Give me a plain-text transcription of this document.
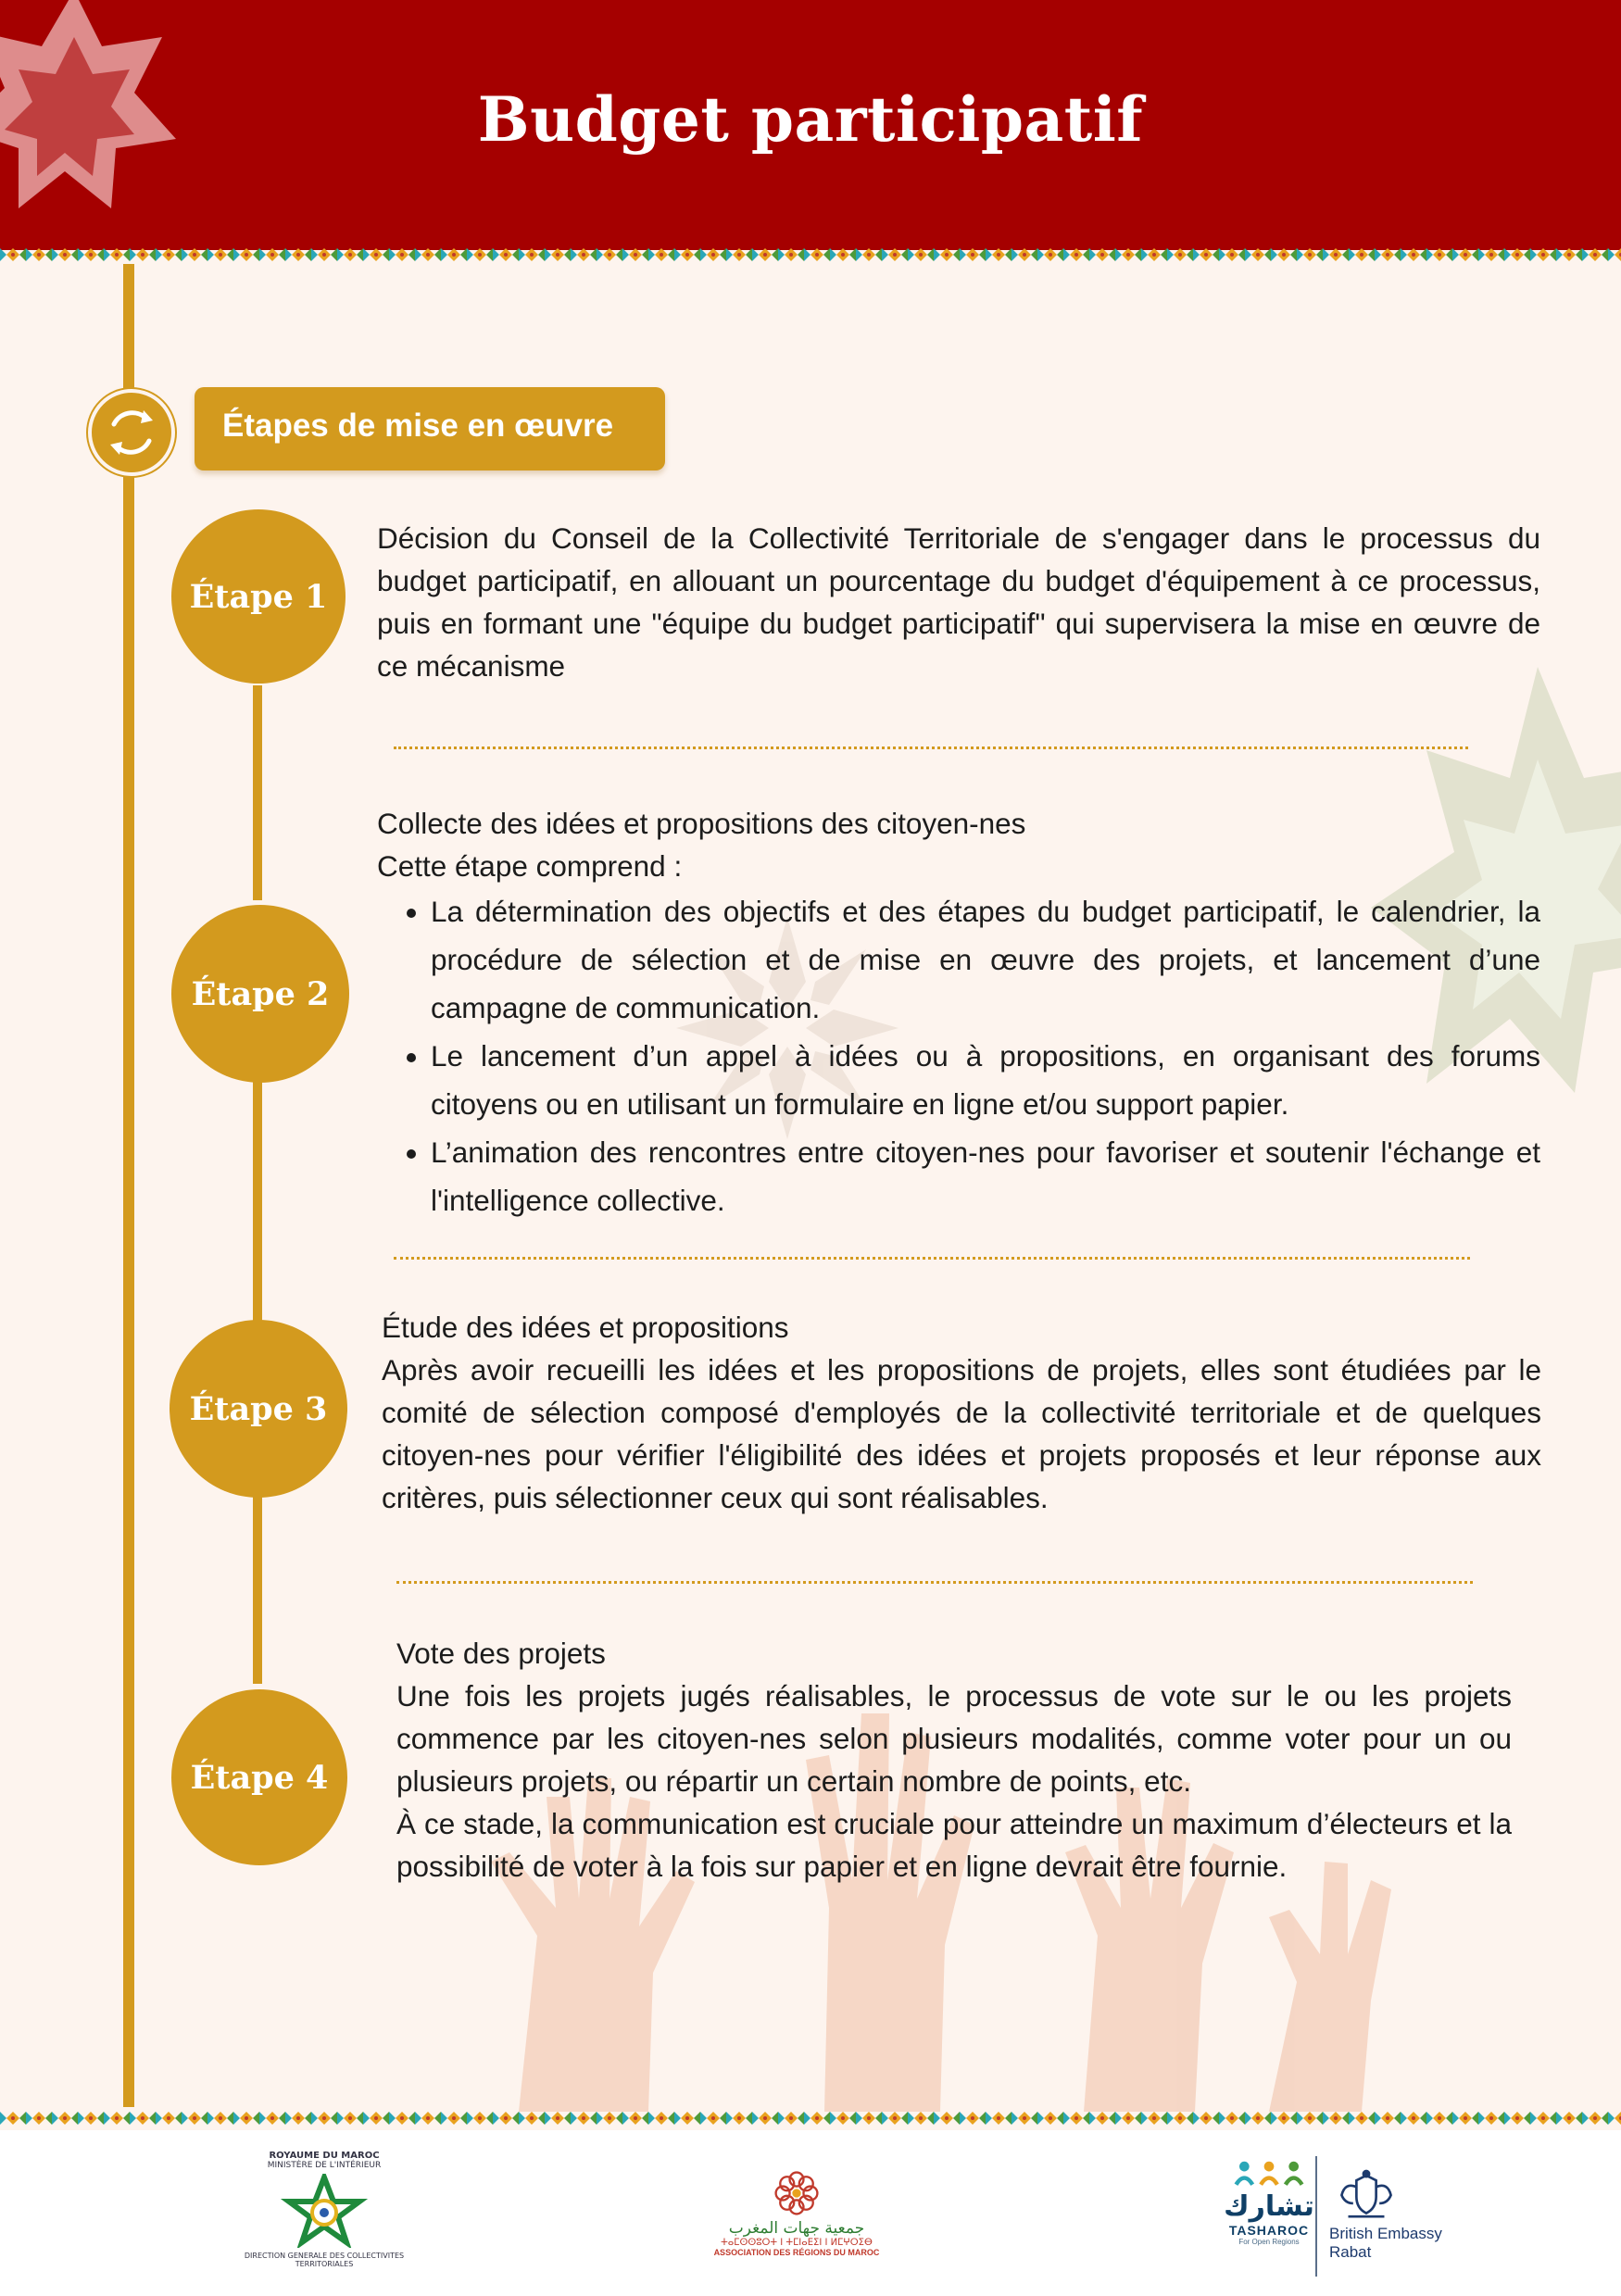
Budget participatif
Étapes de mise en œuvre
Étape 1

Décision du Conseil de la Collectivité Territoriale de s'engager dans le processus du budget participatif, en allouant un pourcentage du budget d'équipement à ce processus, puis en formant une "équipe du budget participatif" qui supervisera la mise en œuvre de ce mécanisme

Étape 2

Collecte des idées et propositions des citoyen-nes

Cette étape comprend :

• La détermination des objectifs et des étapes du budget participatif, le calendrier, la procédure de sélection et de mise en œuvre des projets, et lancement d’une campagne de communication.
• Le lancement d’un appel à idées ou à propositions, en organisant des forums citoyens ou en utilisant un formulaire en ligne et/ou support papier.
• L’animation des rencontres entre citoyen-nes pour favoriser et soutenir l'échange et l'intelligence collective.
Étape 3

Étude des idées et propositions

Après avoir recueilli les idées et les propositions de projets, elles sont étudiées par le comité de sélection composé d'employés de la collectivité territoriale et de quelques citoyen-nes pour vérifier l'éligibilité des idées et projets proposés et leur réponse aux critères, puis sélectionner ceux qui sont réalisables.

Étape 4

Vote des projets

Une fois les projets jugés réalisables, le processus de vote sur le ou les projets commence par les citoyen-nes selon plusieurs modalités, comme voter pour un ou plusieurs projets, ou répartir un certain nombre de points, etc.

À ce stade, la communication est cruciale pour atteindre un maximum d’électeurs et la possibilité de voter à la fois sur papier et en ligne devrait être fournie.

ROYAUME DU MAROC
MINISTÈRE DE L'INTÉRIEUR
DIRECTION GENERALE DES COLLECTIVITES TERRITORIALES
جمعية جهات المغرب
ⵜⴰⵎⵙⵙⵓⵔⵜ ⵏ ⵜⵎⵏⴰⴹⵉⵏ ⵏ ⵍⵎⵖⵔⵉⴱ
ASSOCIATION DES RÉGIONS DU MAROC
تشارك
TASHAROC
For Open Regions	British Embassy
Rabat
